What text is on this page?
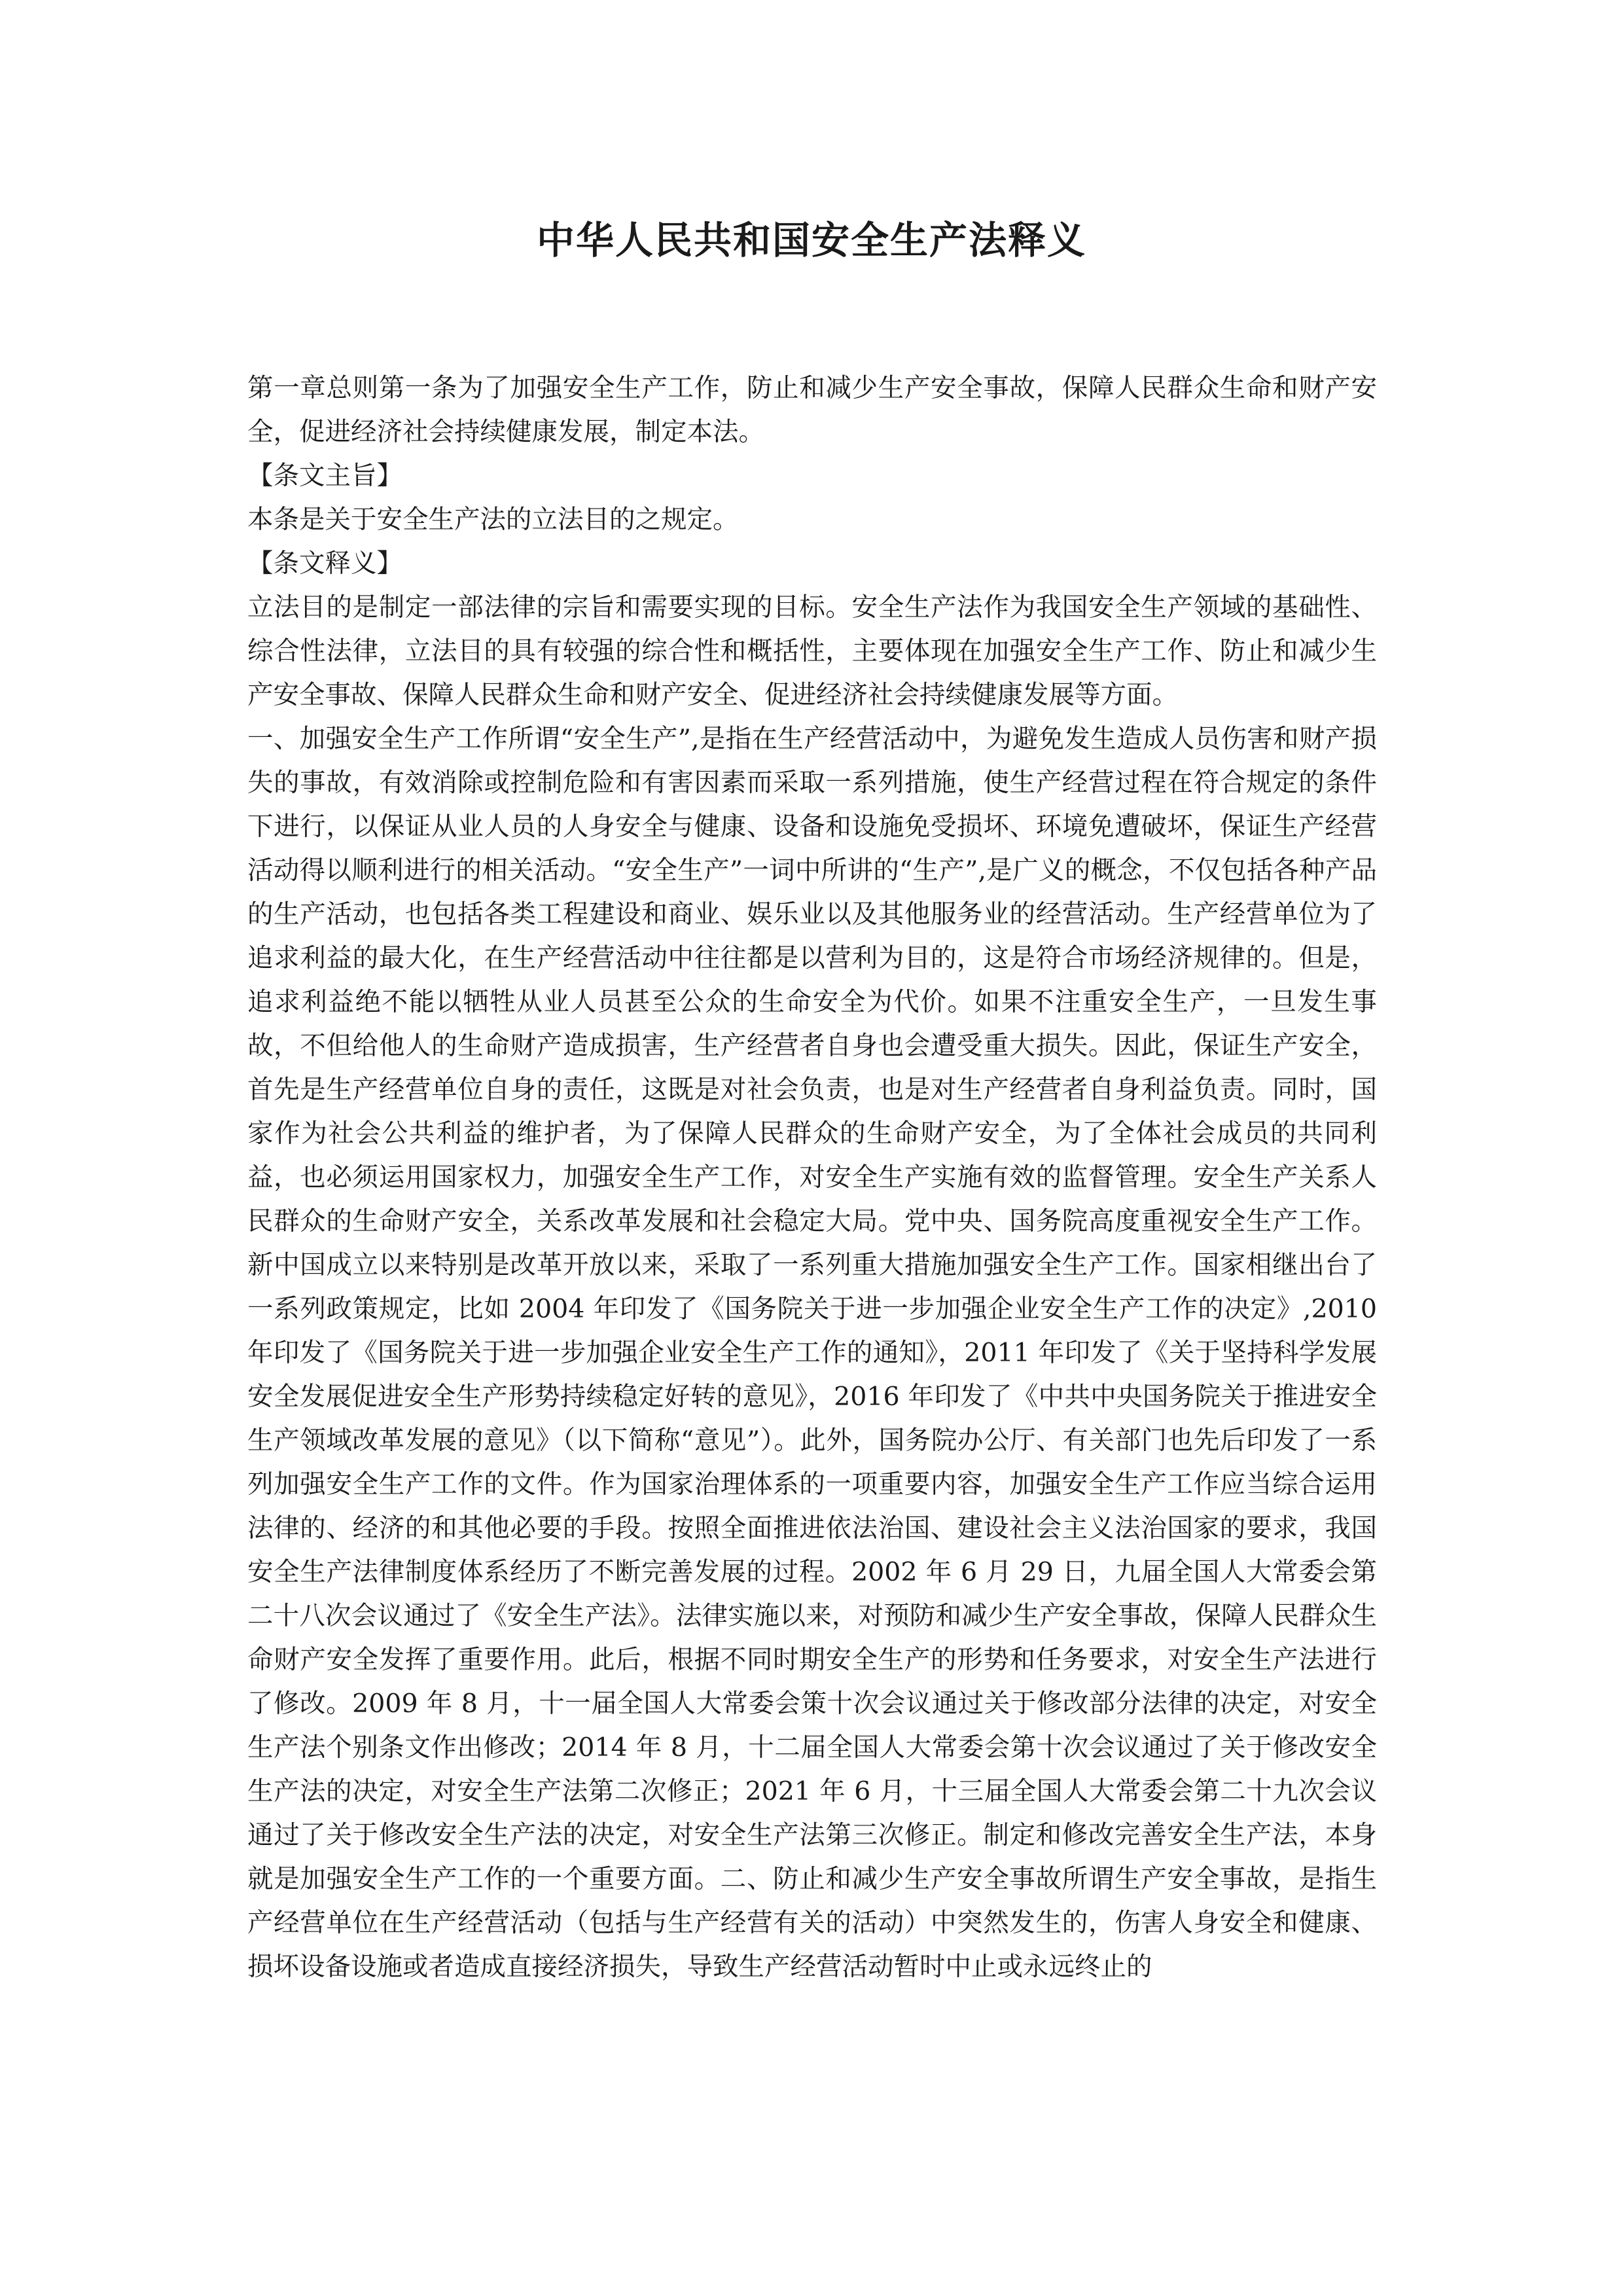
中华人民共和国安全生产法释义

第一章总则第一条为了加强安全生产工作，防止和减少生产安全事故，保障人民群众生命和财产安全，促进经济社会持续健康发展，制定本法。

【条文主旨】

本条是关于安全生产法的立法目的之规定。

【条文释义】

立法目的是制定一部法律的宗旨和需要实现的目标。安全生产法作为我国安全生产领域的基础性、综合性法律，立法目的具有较强的综合性和概括性，主要体现在加强安全生产工作、防止和减少生产安全事故、保障人民群众生命和财产安全、促进经济社会持续健康发展等方面。

一、加强安全生产工作所谓“安全生产”,是指在生产经营活动中，为避免发生造成人员伤害和财产损失的事故，有效消除或控制危险和有害因素而采取一系列措施，使生产经营过程在符合规定的条件下进行，以保证从业人员的人身安全与健康、设备和设施免受损坏、环境免遭破坏，保证生产经营活动得以顺利进行的相关活动。“安全生产”一词中所讲的“生产”,是广义的概念，不仅包括各种产品的生产活动，也包括各类工程建设和商业、娱乐业以及其他服务业的经营活动。生产经营单位为了追求利益的最大化，在生产经营活动中往往都是以营利为目的，这是符合市场经济规律的。但是，追求利益绝不能以牺牲从业人员甚至公众的生命安全为代价。如果不注重安全生产，一旦发生事故，不但给他人的生命财产造成损害，生产经营者自身也会遭受重大损失。因此，保证生产安全，首先是生产经营单位自身的责任，这既是对社会负责，也是对生产经营者自身利益负责。同时，国家作为社会公共利益的维护者，为了保障人民群众的生命财产安全，为了全体社会成员的共同利益，也必须运用国家权力，加强安全生产工作，对安全生产实施有效的监督管理。安全生产关系人民群众的生命财产安全，关系改革发展和社会稳定大局。党中央、国务院高度重视安全生产工作。新中国成立以来特别是改革开放以来，采取了一系列重大措施加强安全生产工作。国家相继出台了一系列政策规定，比如 2004 年印发了《国务院关于进一步加强企业安全生产工作的决定》,2010 年印发了《国务院关于进一步加强企业安全生产工作的通知》，2011 年印发了《关于坚持科学发展安全发展促进安全生产形势持续稳定好转的意见》，2016 年印发了《中共中央国务院关于推进安全生产领域改革发展的意见》（以下简称“意见”）。此外，国务院办公厅、有关部门也先后印发了一系列加强安全生产工作的文件。作为国家治理体系的一项重要内容，加强安全生产工作应当综合运用法律的、经济的和其他必要的手段。按照全面推进依法治国、建设社会主义法治国家的要求，我国安全生产法律制度体系经历了不断完善发展的过程。2002 年 6 月 29 日，九届全国人大常委会第二十八次会议通过了《安全生产法》。法律实施以来，对预防和减少生产安全事故，保障人民群众生命财产安全发挥了重要作用。此后，根据不同时期安全生产的形势和任务要求，对安全生产法进行了修改。2009 年 8 月，十一届全国人大常委会策十次会议通过关于修改部分法律的决定，对安全生产法个别条文作出修改；2014 年 8 月，十二届全国人大常委会第十次会议通过了关于修改安全生产法的决定，对安全生产法第二次修正；2021 年 6 月，十三届全国人大常委会第二十九次会议通过了关于修改安全生产法的决定，对安全生产法第三次修正。制定和修改完善安全生产法，本身就是加强安全生产工作的一个重要方面。二、防止和减少生产安全事故所谓生产安全事故，是指生产经营单位在生产经营活动（包括与生产经营有关的活动）中突然发生的，伤害人身安全和健康、损坏设备设施或者造成直接经济损失，导致生产经营活动暂时中止或永远终止的
